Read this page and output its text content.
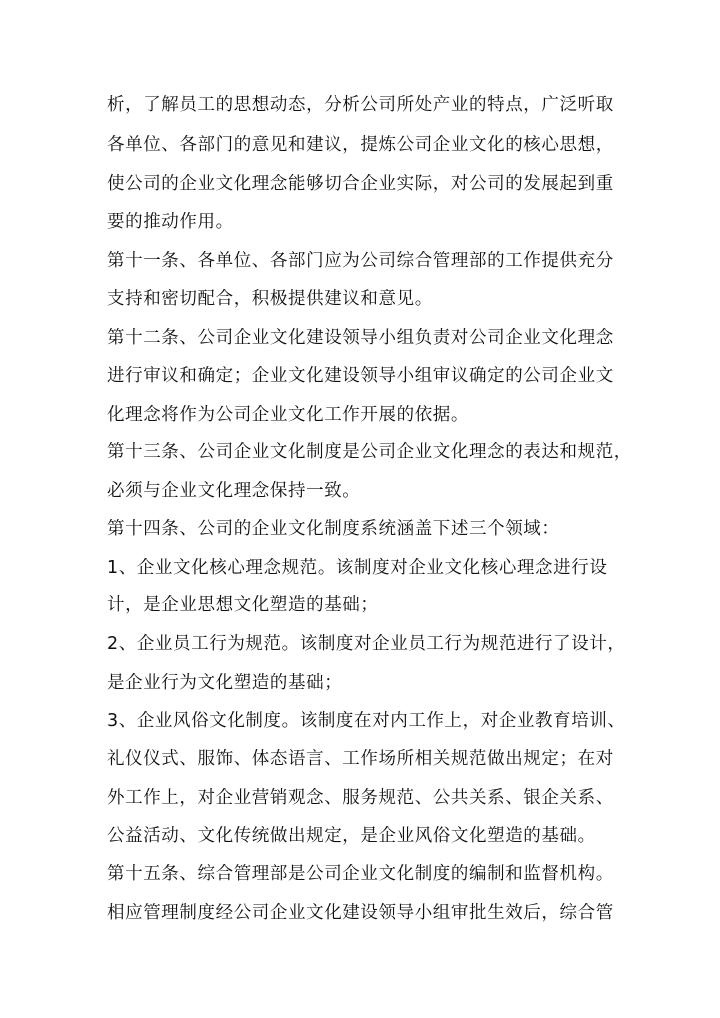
析，了解员工的思想动态，分析公司所处产业的特点，广泛听取

各单位、各部门的意见和建议，提炼公司企业文化的核心思想，

使公司的企业文化理念能够切合企业实际，对公司的发展起到重

要的推动作用。

第十一条、各单位、各部门应为公司综合管理部的工作提供充分

支持和密切配合，积极提供建议和意见。

第十二条、公司企业文化建设领导小组负责对公司企业文化理念

进行审议和确定；企业文化建设领导小组审议确定的公司企业文

化理念将作为公司企业文化工作开展的依据。

第十三条、公司企业文化制度是公司企业文化理念的表达和规范，

必须与企业文化理念保持一致。

第十四条、公司的企业文化制度系统涵盖下述三个领域：

1、企业文化核心理念规范。该制度对企业文化核心理念进行设

计，是企业思想文化塑造的基础；

2、企业员工行为规范。该制度对企业员工行为规范进行了设计，

是企业行为文化塑造的基础；

3、企业风俗文化制度。该制度在对内工作上，对企业教育培训、

礼仪仪式、服饰、体态语言、工作场所相关规范做出规定；在对

外工作上，对企业营销观念、服务规范、公共关系、银企关系、

公益活动、文化传统做出规定，是企业风俗文化塑造的基础。

第十五条、综合管理部是公司企业文化制度的编制和监督机构。

相应管理制度经公司企业文化建设领导小组审批生效后，综合管
